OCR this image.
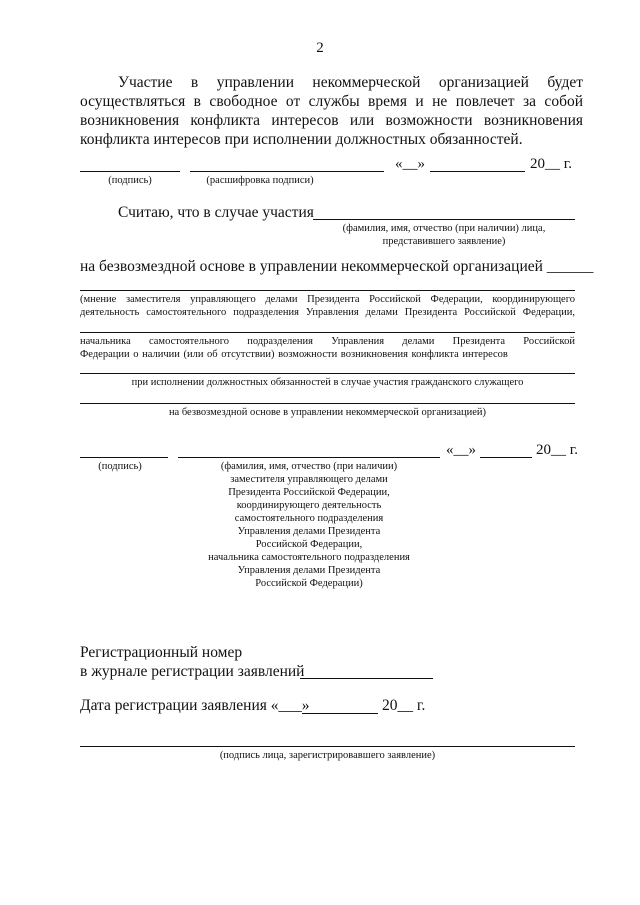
2
Участие в управлении некоммерческой организацией будет осуществляться в свободное от службы время и не повлечет за собой возникновения конфликта интересов или возможности возникновения конфликта интересов при исполнении должностных обязанностей.
«__»	20__ г.
(подпись)	(расшифровка подписи)
Считаю, что в случае участия
(фамилия, имя, отчество (при наличии) лица,
представившего заявление)
на безвозмездной основе в управлении некоммерческой организацией ______
(мнение заместителя управляющего делами Президента Российской Федерации, координирующего
деятельность самостоятельного подразделения Управления делами Президента Российской Федерации,
начальника самостоятельного подразделения Управления делами Президента Российской
Федерации о наличии (или об отсутствии) возможности возникновения конфликта интересов
при исполнении должностных обязанностей в случае участия гражданского служащего
на безвозмездной основе в управлении некоммерческой организацией)
«__»	20__ г.
(подпись)	(фамилия, имя, отчество (при наличии)
заместителя управляющего делами
Президента Российской Федерации,
координирующего деятельность
самостоятельного подразделения
Управления делами Президента
Российской Федерации,
начальника самостоятельного подразделения
Управления делами Президента
Российской Федерации)
Регистрационный номер
в журнале регистрации заявлений
Дата регистрации заявления «___»	20__ г.
(подпись лица, зарегистрировавшего заявление)
